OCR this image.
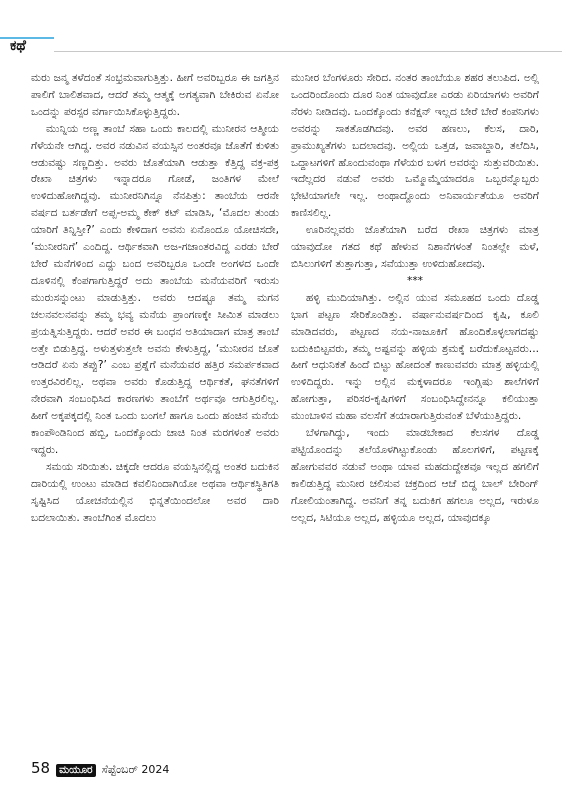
ಕಥೆ

ಮರು ಜನ್ಮ ತಳೆದಂತೆ ಸಂಭ್ರಮವಾಗುತ್ತಿತ್ತು. ಹೀಗೆ ಅವರಿಬ್ಬರೂ ಈ ಜಗತ್ತಿನ ಪಾಲಿಗೆ ಬಾಲಿಶವಾದ, ಆದರೆ ತಮ್ಮ ಆತ್ಮಕ್ಕೆ ಅಗತ್ಯವಾಗಿ ಬೇಕಿರುವ ಏನೋ ಒಂದನ್ನು ಪರಸ್ಪರ ವರ್ಗಾಯಿಸಿಕೊಳ್ಳುತ್ತಿದ್ದರು.

ಮುನ್ನಿಯ ಅಣ್ಣ ತಾಂಬೆ ಸಹಾ ಒಂದು ಕಾಲದಲ್ಲಿ ಮುನೀರನ ಆತ್ಮೀಯ ಗೆಳೆಯನೇ ಆಗಿದ್ದ. ಅವರ ನಡುವಿನ ವಯಸ್ಸಿನ ಅಂತರವೂ ಜೊತೆಗೆ ಕುಳಿತು ಆಡುವಷ್ಟು ಸಣ್ಣದಿತ್ತು. ಅವರು ಜೊತೆಯಾಗಿ ಆಡುತ್ತಾ ಕೆತ್ತಿದ್ದ ವಕ್ರ-ಪಕ್ರ ರೇಖಾ ಚಿತ್ರಗಳು ಇನ್ನಾದರೂ ಗೋಡೆ, ಜಂತಿಗಳ ಮೇಲೆ ಉಳಿದುಹೋಗಿದ್ದವು. ಮುನೀರನಿಗಿನ್ನೂ ನೆನಪಿತ್ತು: ತಾಂಬೆಯ ಆರನೇ ವರ್ಷದ ಬರ್ತಡೇಗೆ ಅಪ್ಪ-ಅಮ್ಮ ಕೇಕ್ ಕಟ್ ಮಾಡಿಸಿ, ‘ಮೊದಲ ತುಂಡು ಯಾರಿಗೆ ತಿನ್ನಿಸ್ತೀ?’ ಎಂದು ಕೇಳಿದಾಗ ಅವನು ಏನೊಂದೂ ಯೋಚಿಸದೇ, ‘ಮುನೀರನಿಗೆ’ ಎಂದಿದ್ದ. ಆರ್ಥಿಕವಾಗಿ ಅಜ-ಗಜಾಂತರವಿದ್ದ ಎರಡು ಬೇರೆ ಬೇರೆ ಮನೆಗಳಿಂದ ಎದ್ದು ಬಂದ ಅವರಿಬ್ಬರೂ ಒಂದೇ ಅಂಗಳದ ಒಂದೇ ದೂಳಿನಲ್ಲಿ ಕೆಂಪಗಾಗುತ್ತಿದ್ದರೆ ಅದು ತಾಂಬೆಯ ಮನೆಯವರಿಗೆ ಇರುಸು ಮುರುಸನ್ನುಂಟು ಮಾಡುತ್ತಿತ್ತು. ಅವರು ಆದಷ್ಟೂ ತಮ್ಮ ಮಗನ ಚಲನವಲನವನ್ನು ತಮ್ಮ ಭವ್ಯ ಮನೆಯ ಪ್ರಾಂಗಣಕ್ಕೇ ಸೀಮಿತ ಮಾಡಲು ಪ್ರಯತ್ನಿಸುತ್ತಿದ್ದರು. ಆದರೆ ಅವರ ಈ ಬಂಧನ ಅತಿಯಾದಾಗ ಮಾತ್ರ ತಾಂಬೆ ಅತ್ತೇ ಬಿಡುತ್ತಿದ್ದ. ಅಳುತ್ತಳುತ್ತಲೇ ಅವನು ಕೇಳುತ್ತಿದ್ದ, ‘ಮುನೀರನ ಜೊತೆ ಆಡಿದರೆ ಏನು ತಪ್ಪು?’ ಎಂಬ ಪ್ರಶ್ನೆಗೆ ಮನೆಯವರ ಹತ್ತಿರ ಸಮರ್ಪಕವಾದ ಉತ್ತರವಿರಲಿಲ್ಲ. ಅಥವಾ ಅವರು ಕೊಡುತ್ತಿದ್ದ ಆರ್ಥಿಕತೆ, ಘನತೆಗಳಿಗೆ ನೇರವಾಗಿ ಸಂಬಂಧಿಸಿದ ಕಾರಣಗಳು ತಾಂಬೆಗೆ ಅರ್ಥವೂ ಆಗುತ್ತಿರಲಿಲ್ಲ. ಹೀಗೆ ಅಕ್ಕಪಕ್ಕದಲ್ಲಿ ನಿಂತ ಒಂದು ಬಂಗಲೆ ಹಾಗೂ ಒಂದು ಹಂಚಿನ ಮನೆಯ ಕಾಂಪೌಂಡಿನಿಂದ ಹಬ್ಬಿ, ಒಂದಕ್ಕೊಂದು ಚಾಚಿ ನಿಂತ ಮರಗಳಂತೆ ಅವರು ಇದ್ದರು.

ಸಮಯ ಸರಿಯಿತು. ಚಿಕ್ಕದೇ ಆದರೂ ವಯಸ್ಸಿನಲ್ಲಿದ್ದ ಅಂತರ ಬದುಕಿನ ದಾರಿಯಲ್ಲಿ ಉಂಟು ಮಾಡಿದ ಕವಲಿನಿಂದಾಗಿಯೋ ಅಥವಾ ಆರ್ಥಿಕಸ್ಥಿತಿಗತಿ ಸೃಷ್ಟಿಸಿದ ಯೋಚನೆಯಲ್ಲಿನ ಭಿನ್ನತೆಯಿಂದಲೋ ಅವರ ದಾರಿ ಬದಲಾಯಿತು. ತಾಂಬೆಗಿಂತ ಮೊದಲು

ಮುನೀರ ಬೆಂಗಳೂರು ಸೇರಿದ. ನಂತರ ತಾಂಬೆಯೂ ಶಹರ ತಲುಪಿದ. ಅಲ್ಲಿ ಒಂದರಿಂದೊಂದು ದೂರ ನಿಂತ ಯಾವುದೋ ಎರಡು ಏರಿಯಾಗಳು ಅವರಿಗೆ ನೆರಳು ನೀಡಿದವು. ಒಂದಕ್ಕೊಂದು ಕನೆಕ್ಷನ್ ಇಲ್ಲದ ಬೇರೆ ಬೇರೆ ಕಂಪನಿಗಳು ಅವರನ್ನು ಸಾಕತೊಡಗಿದವು. ಅವರ ಹಣಲು, ಕೆಲಸ, ದಾರಿ, ಪ್ರಾಮುಖ್ಯತೆಗಳು ಬದಲಾದವು. ಅಲ್ಲಿಯ ಒತ್ತಡ, ಜವಾಬ್ದಾರಿ, ತಲೆದಿಸಿ, ಒದ್ದಾಟಗಳಿಗೆ ಹೊಂದುವಂಥಾ ಗೆಳೆಯರ ಬಳಗ ಅವರನ್ನು ಸುತ್ತುವರಿಯಿತು. ಇದೆಲ್ಲದರ ನಡುವೆ ಅವರು ಒಮ್ಮೊಮ್ಮೆಯಾದರೂ ಒಬ್ಬರನ್ನೊಬ್ಬರು ಭೇಟಿಯಾಗಲೇ ಇಲ್ಲ. ಅಂಥಾದ್ದೊಂದು ಅನಿವಾರ್ಯತೆಯೂ ಅವರಿಗೆ ಕಾಣಿಸಲಿಲ್ಲ.

ಊರಿನಲ್ಲವರು ಜೊತೆಯಾಗಿ ಬರೆದ ರೇಖಾ ಚಿತ್ರಗಳು ಮಾತ್ರ ಯಾವುದೋ ಗತದ ಕಥೆ ಹೇಳುವ ನಿಶಾನೆಗಳಂತೆ ನಿಂತಲ್ಲೇ ಮಳೆ, ಬಿಸಿಲುಗಳಿಗೆ ತುತ್ತಾಗುತ್ತಾ, ಸವೆಯುತ್ತಾ ಉಳಿದುಹೋದವು.

***

ಹಳ್ಳಿ ಮುದಿಯಾಗಿತ್ತು. ಅಲ್ಲಿನ ಯುವ ಸಮೂಹದ ಒಂದು ದೊಡ್ಡ ಭಾಗ ಪಟ್ಟಣ ಸೇರಿಕೊಂಡಿತ್ತು. ವರ್ಷಾನುವರ್ಷದಿಂದ ಕೃಷಿ, ಕೂಲಿ ಮಾಡಿದವರು, ಪಟ್ಟಣದ ನಯ-ನಾಜೂಕಿಗೆ ಹೊಂದಿಕೊಳ್ಳಲಾಗದಷ್ಟು ಬದುಕಿಬಿಟ್ಟವರು, ತಮ್ಮ ಅಷ್ಟವನ್ನು ಹಳ್ಳಿಯ ಶ್ರಮಕ್ಕೆ ಬರೆದುಕೊಟ್ಟವರು... ಹೀಗೆ ಆಧುನಿಕತೆ ಹಿಂದೆ ಬಿಟ್ಟು ಹೋದಂತೆ ಕಾಣುವವರು ಮಾತ್ರ ಹಳ್ಳಿಯಲ್ಲಿ ಉಳಿದಿದ್ದರು. ಇನ್ನು ಅಲ್ಲಿನ ಮಕ್ಕಳಾದರೂ ಇಂಗ್ಲಿಷು ಶಾಲೆಗಳಿಗೆ ಹೋಗುತ್ತಾ, ಪರಿಸರ-ಕೃಷಿಗಳಿಗೆ ಸಂಬಂಧಿಸಿದ್ದೇನನ್ನೂ ಕಲಿಯುತ್ತಾ ಮುಂಬಾಳಿನ ಮಹಾ ವಲಸೆಗೆ ತಯಾರಾಗುತ್ತಿರುವಂತೆ ಬೆಳೆಯುತ್ತಿದ್ದರು.

ಬೆಳಗಾಗಿದ್ದು, ಇಂದು ಮಾಡಬೇಕಾದ ಕೆಲಸಗಳ ದೊಡ್ಡ ಪಟ್ಟಿಯೊಂದನ್ನು ತಲೆಯೊಳಗಿಟ್ಟುಕೊಂಡು ಹೊಲಗಳಿಗೆ, ಪಟ್ಟಣಕ್ಕೆ ಹೋಗುವವರ ನಡುವೆ ಅಂಥಾ ಯಾವ ಮಹದುದ್ದೇಶವೂ ಇಲ್ಲದ ಹಗಲಿಗೆ ಕಾಲಿಡುತ್ತಿದ್ದ ಮುನೀರ ಚಲಿಸುವ ಚಕ್ರದಿಂದ ಆಚೆ ಬಿದ್ದ ಬಾಲ್ ಬೇರಿಂಗ್ ಗೋಲಿಯಂತಾಗಿದ್ದ. ಅವನಿಗೆ ತನ್ನ ಬದುಕಿಗ ಹಗಲೂ ಅಲ್ಲದ, ಇರುಳೂ ಅಲ್ಲದ, ಸಿಟಿಯೂ ಅಲ್ಲದ, ಹಳ್ಳಿಯೂ ಅಲ್ಲದ, ಯಾವುದಕ್ಕೂ

58 ಮಯೂರ ಸೆಪ್ಟೆಂಬರ್ 2024
